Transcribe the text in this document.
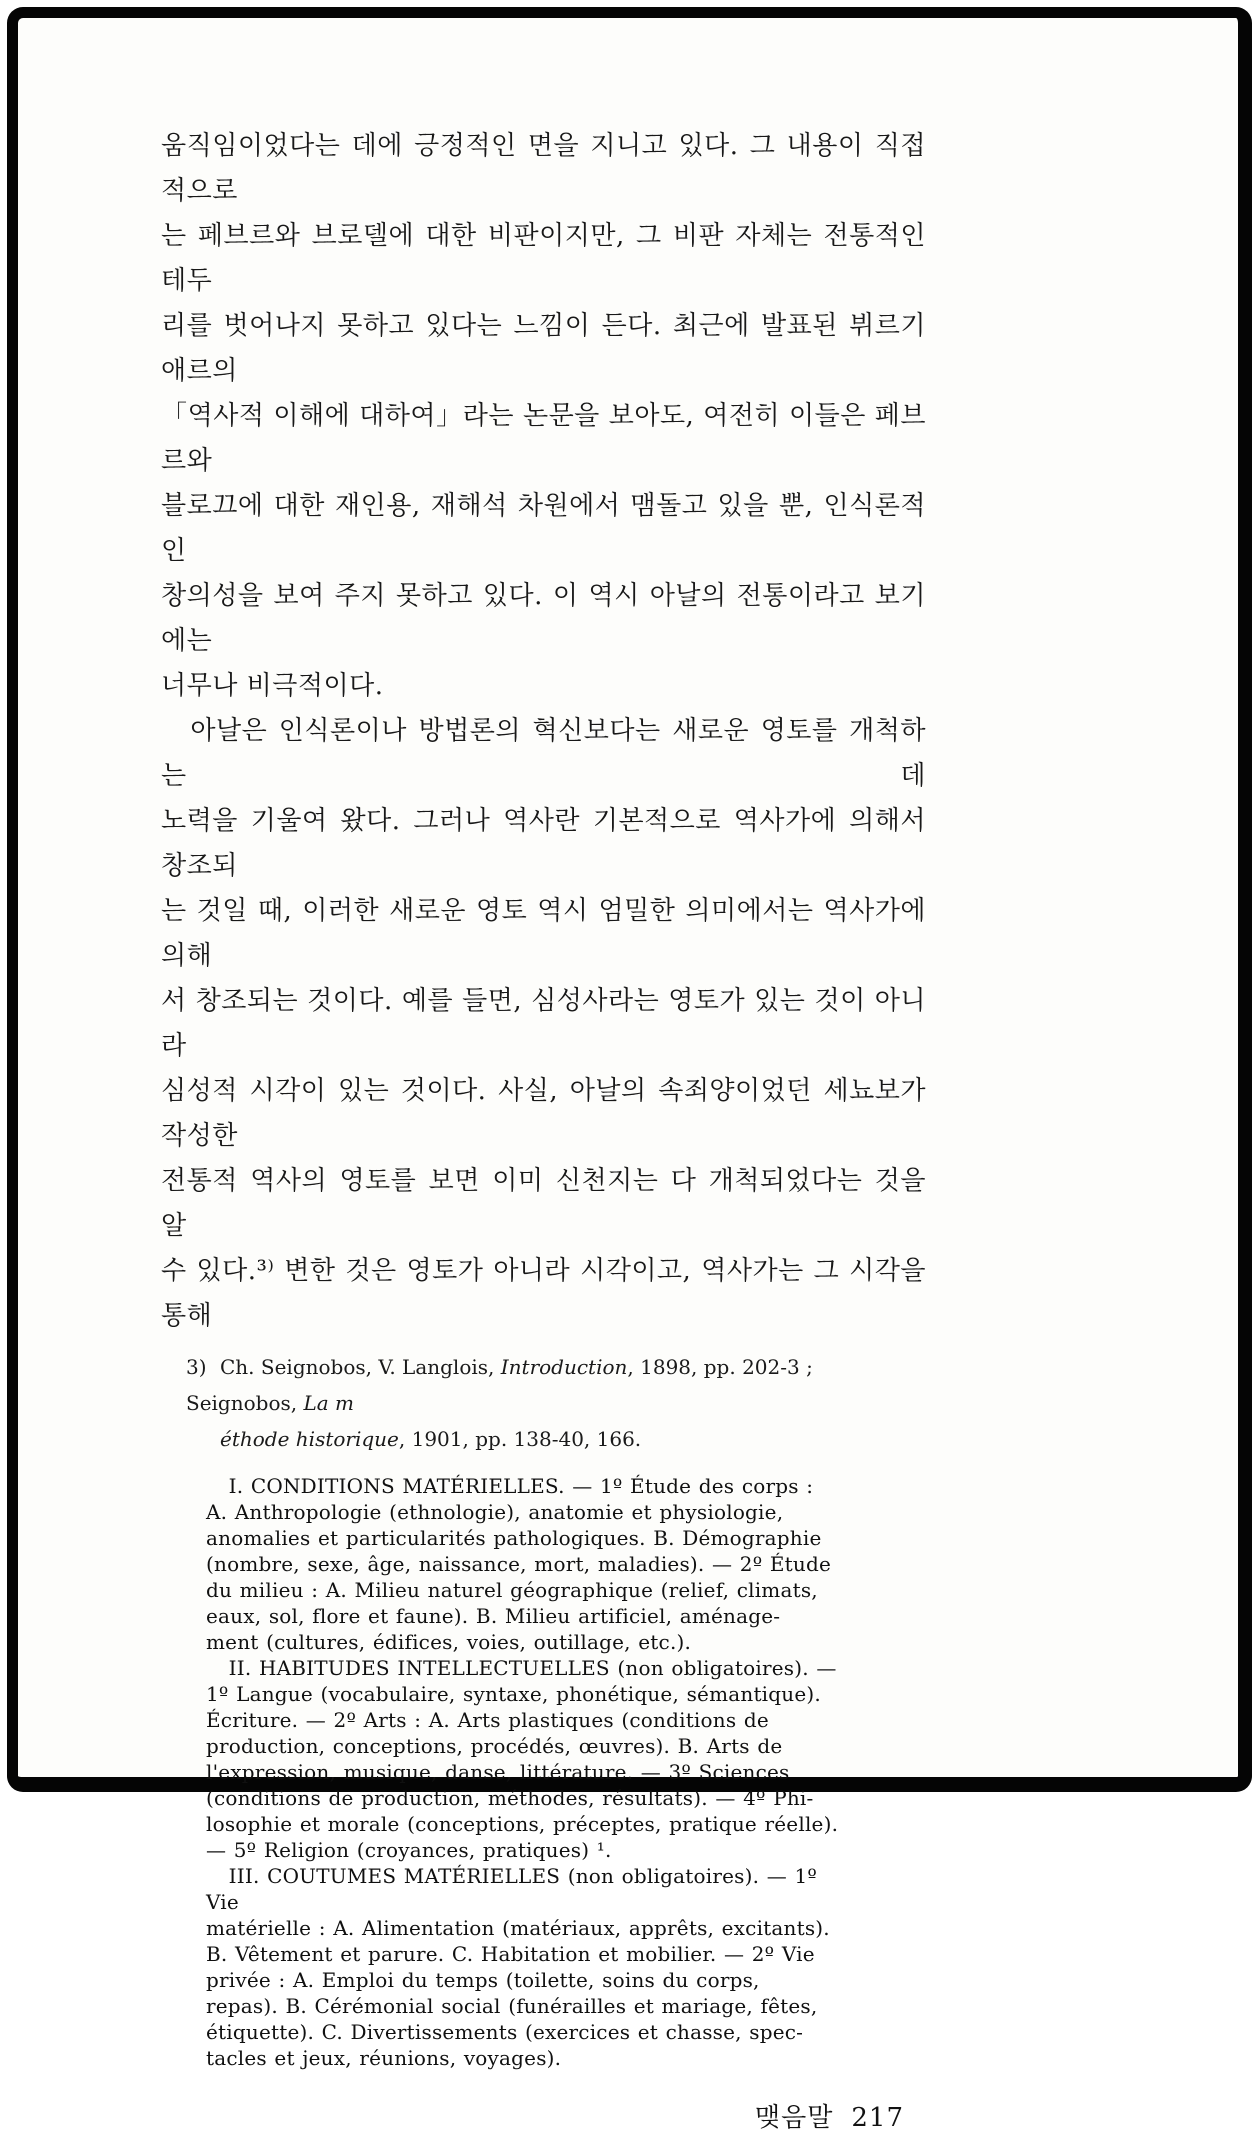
움직임이었다는 데에 긍정적인 면을 지니고 있다. 그 내용이 직접적으로
는 페브르와 브로델에 대한 비판이지만, 그 비판 자체는 전통적인 테두
리를 벗어나지 못하고 있다는 느낌이 든다. 최근에 발표된 뷔르기애르의
「역사적 이해에 대하여」라는 논문을 보아도, 여전히 이들은 페브르와
블로끄에 대한 재인용, 재해석 차원에서 맴돌고 있을 뿐, 인식론적인
창의성을 보여 주지 못하고 있다. 이 역시 아날의 전통이라고 보기에는
너무나 비극적이다.
　아날은 인식론이나 방법론의 혁신보다는 새로운 영토를 개척하는 데
노력을 기울여 왔다. 그러나 역사란 기본적으로 역사가에 의해서 창조되
는 것일 때, 이러한 새로운 영토 역시 엄밀한 의미에서는 역사가에 의해
서 창조되는 것이다. 예를 들면, 심성사라는 영토가 있는 것이 아니라
심성적 시각이 있는 것이다. 사실, 아날의 속죄양이었던 세뇨보가 작성한
전통적 역사의 영토를 보면 이미 신천지는 다 개척되었다는 것을 알
수 있다.³⁾ 변한 것은 영토가 아니라 시각이고, 역사가는 그 시각을 통해
3) Ch. Seignobos, V. Langlois, Introduction, 1898, pp. 202-3 ; Seignobos, La m
éthode historique, 1901, pp. 138-40, 166.
I. CONDITIONS MATÉRIELLES. — 1º Étude des corps :
A. Anthropologie (ethnologie), anatomie et physiologie,
anomalies et particularités pathologiques. B. Démographie
(nombre, sexe, âge, naissance, mort, maladies). — 2º Étude
du milieu : A. Milieu naturel géographique (relief, climats,
eaux, sol, flore et faune). B. Milieu artificiel, aménage-
ment (cultures, édifices, voies, outillage, etc.).
II. HABITUDES INTELLECTUELLES (non obligatoires). —
1º Langue (vocabulaire, syntaxe, phonétique, sémantique).
Écriture. — 2º Arts : A. Arts plastiques (conditions de
production, conceptions, procédés, œuvres). B. Arts de
l'expression, musique, danse, littérature. — 3º Sciences
(conditions de production, méthodes, résultats). — 4º Phi-
losophie et morale (conceptions, préceptes, pratique réelle).
— 5º Religion (croyances, pratiques) ¹.
III. COUTUMES MATÉRIELLES (non obligatoires). — 1º Vie
matérielle : A. Alimentation (matériaux, apprêts, excitants).
B. Vêtement et parure. C. Habitation et mobilier. — 2º Vie
privée : A. Emploi du temps (toilette, soins du corps,
repas). B. Cérémonial social (funérailles et mariage, fêtes,
étiquette). C. Divertissements (exercices et chasse, spec-
tacles et jeux, réunions, voyages).
맺음말 217
